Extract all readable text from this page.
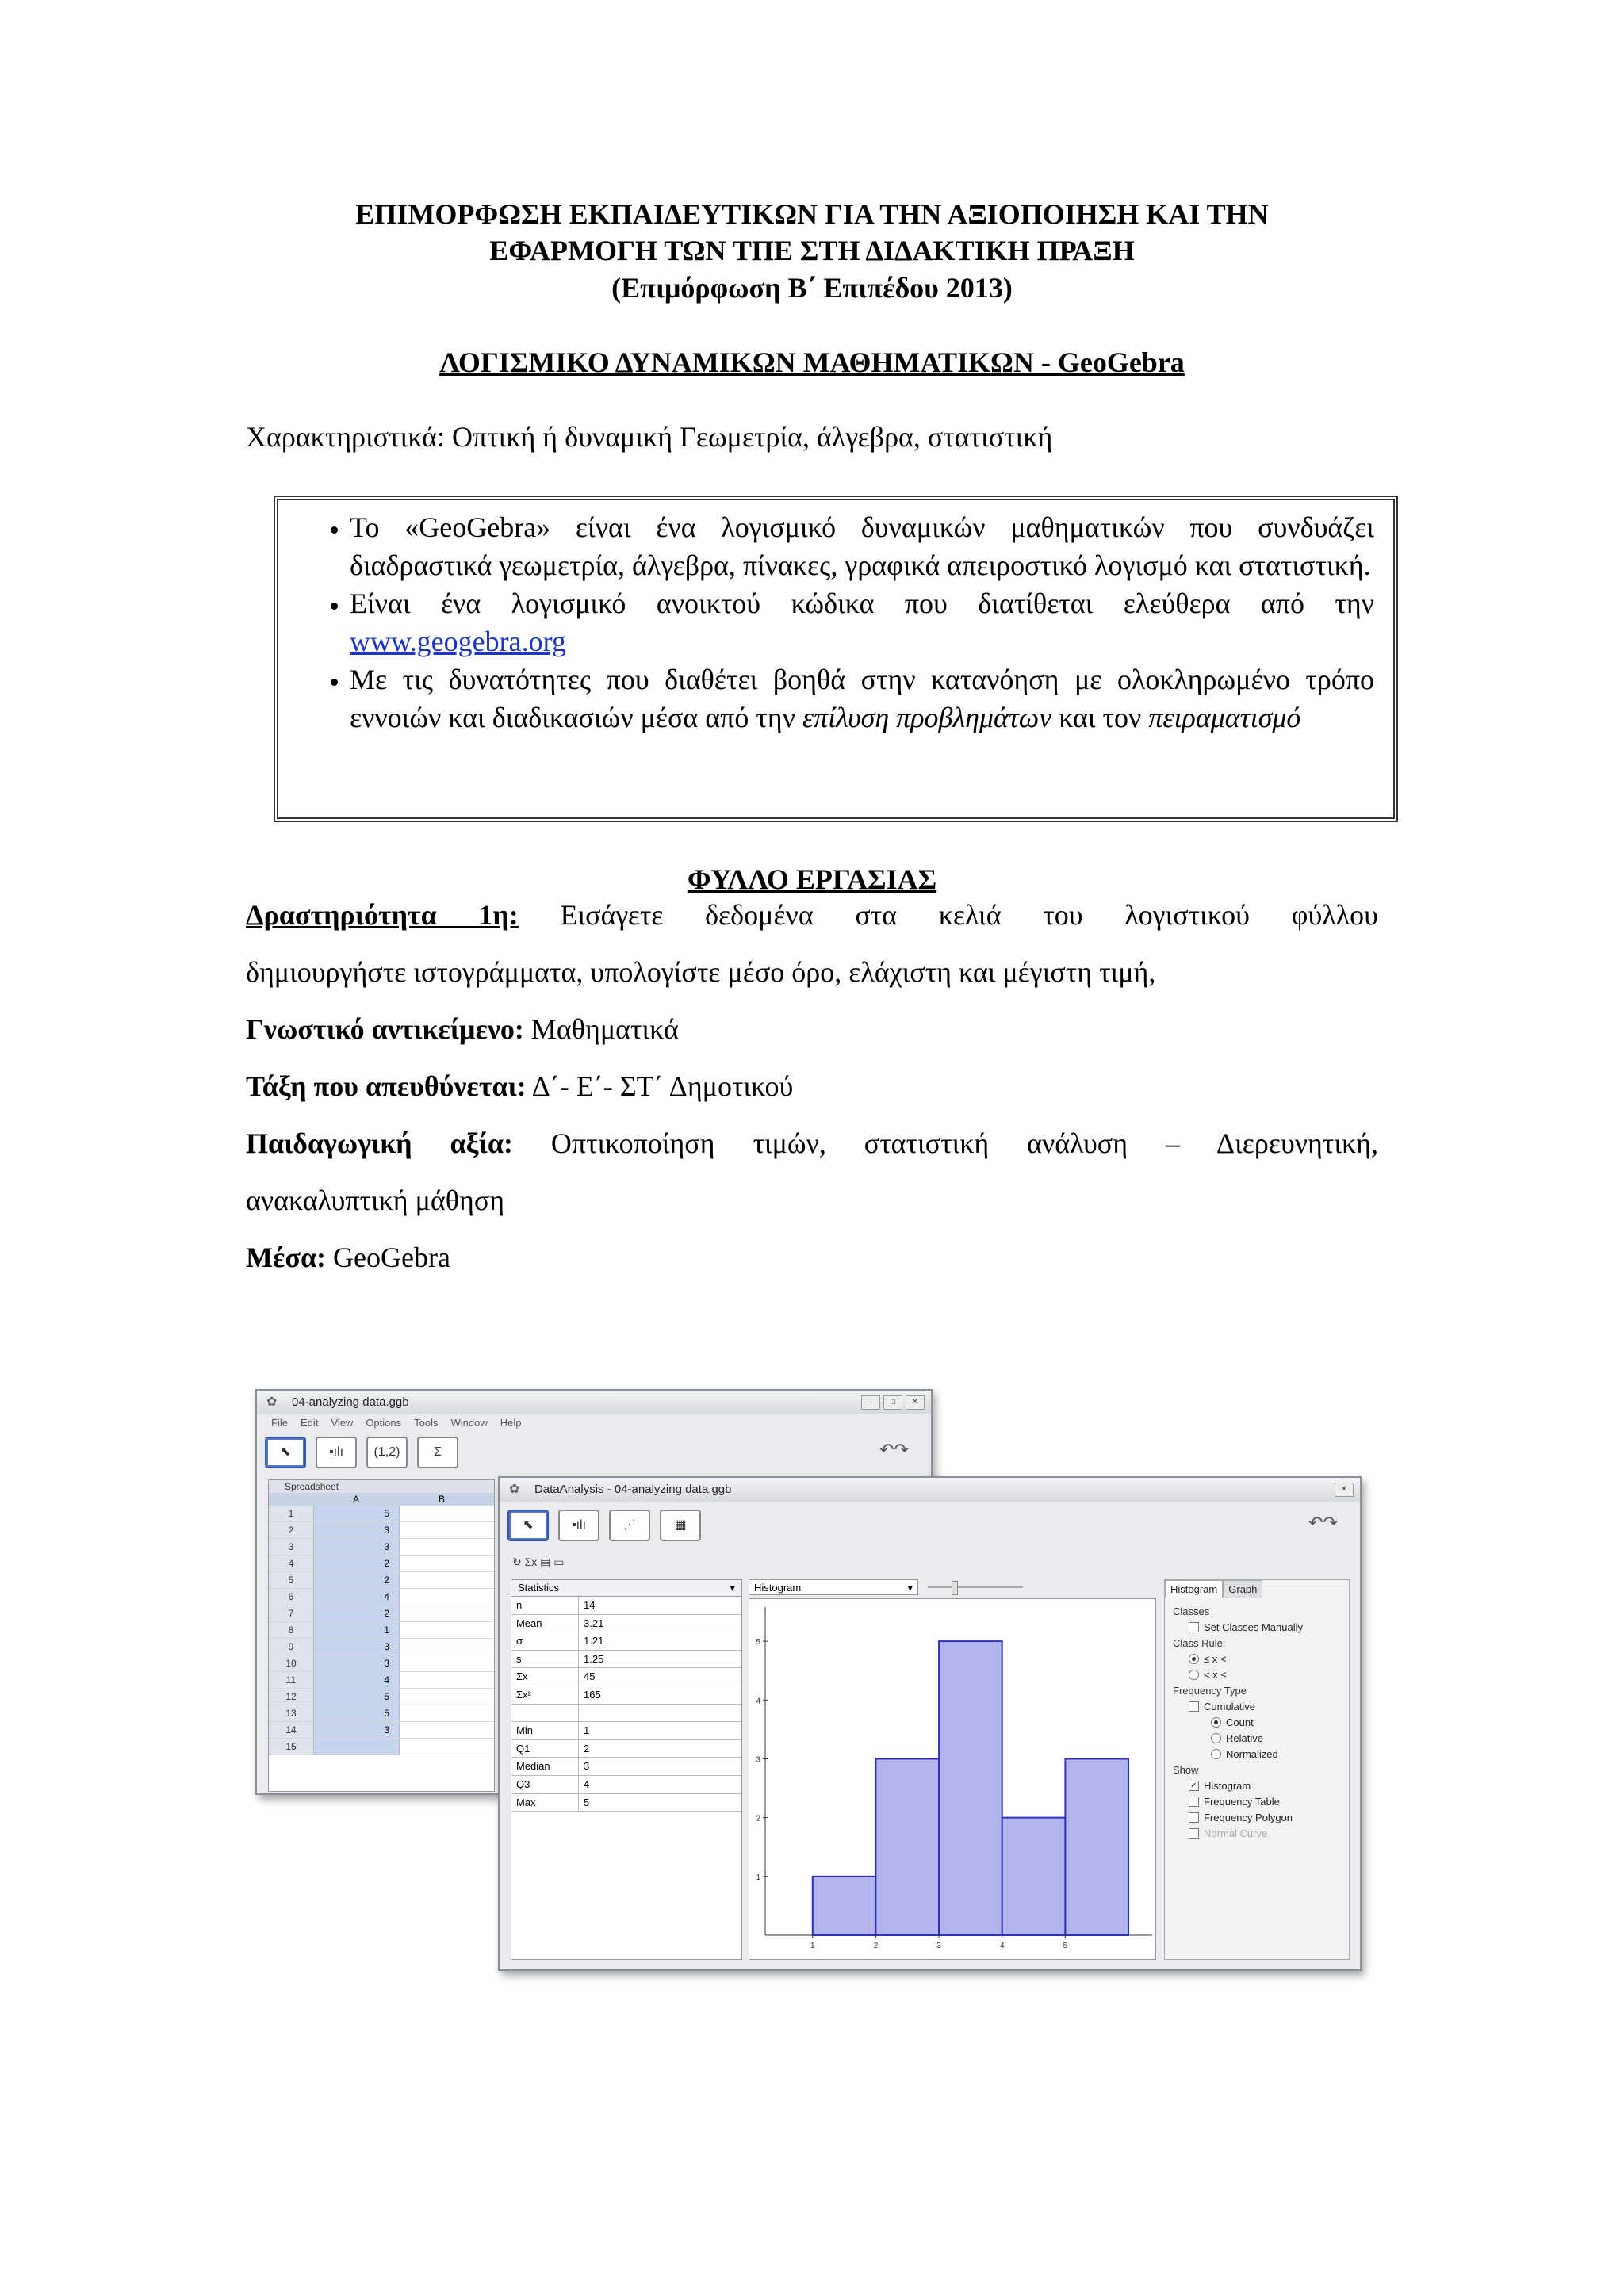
ΕΠΙΜΟΡΦΩΣΗ ΕΚΠΑΙΔΕΥΤΙΚΩΝ ΓΙΑ ΤΗΝ ΑΞΙΟΠΟΙΗΣΗ ΚΑΙ ΤΗΝ
ΕΦΑΡΜΟΓΗ ΤΩΝ ΤΠΕ ΣΤΗ ΔΙΔΑΚΤΙΚΗ ΠΡΑΞΗ
(Επιμόρφωση Β΄ Επιπέδου 2013)
ΛΟΓΙΣΜΙΚΟ ΔΥΝΑΜΙΚΩΝ ΜΑΘΗΜΑΤΙΚΩΝ - GeoGebra
Χαρακτηριστικά: Οπτική ή δυναμική Γεωμετρία, άλγεβρα, στατιστική
• Το «GeoGebra» είναι ένα λογισμικό δυναμικών μαθηματικών που συνδυάζει διαδραστικά γεωμετρία, άλγεβρα, πίνακες, γραφικά απειροστικό λογισμό και στατιστική.
• Είναι ένα λογισμικό ανοικτού κώδικα που διατίθεται ελεύθερα από την www.geogebra.org
• Με τις δυνατότητες που διαθέτει βοηθά στην κατανόηση με ολοκληρωμένο τρόπο εννοιών και διαδικασιών μέσα από την επίλυση προβλημάτων και τον πειραματισμό
ΦΥΛΛΟ ΕΡΓΑΣΙΑΣ
Δραστηριότητα 1η: Εισάγετε δεδομένα στα κελιά του λογιστικού φύλλου
δημιουργήστε ιστογράμματα, υπολογίστε μέσο όρο, ελάχιστη και μέγιστη τιμή,
Γνωστικό αντικείμενο: Μαθηματικά
Τάξη που απευθύνεται: Δ΄- Ε΄- ΣΤ΄ Δημοτικού
Παιδαγωγική αξία: Οπτικοποίηση τιμών, στατιστική ανάλυση – Διερευνητική,
ανακαλυπτική μάθηση
Μέσα: GeoGebra
✿ 04-analyzing data.ggb	–	□	✕
File Edit View Options Tools Window Help
⬉	▪ılı	(1,2)	Σ	↶↷
Spreadsheet
A	B
1	5
2	3
3	3
4	2
5	2
6	4
7	2
8	1
9	3
10	3
11	4
12	5
13	5
14	3
15
✿ DataAnalysis - 04-analyzing data.ggb	✕
⬉	▪ılı	⋰	▦	↶↷
↻ Σx ▤ ▭
Statistics	▾
n	14
Mean	3.21
σ	1.21
s	1.25
Σx	45
Σx²	165
Min	1
Q1	2
Median	3
Q3	4
Max	5
Histogram	▾
1
2
3
4
5
1	2	3	4	5
Histogram	Graph
Classes
Set Classes Manually
Class Rule:
≤ x <
< x ≤
Frequency Type
Cumulative
Count
Relative
Normalized
Show
✓ Histogram
Frequency Table
Frequency Polygon
Normal Curve
